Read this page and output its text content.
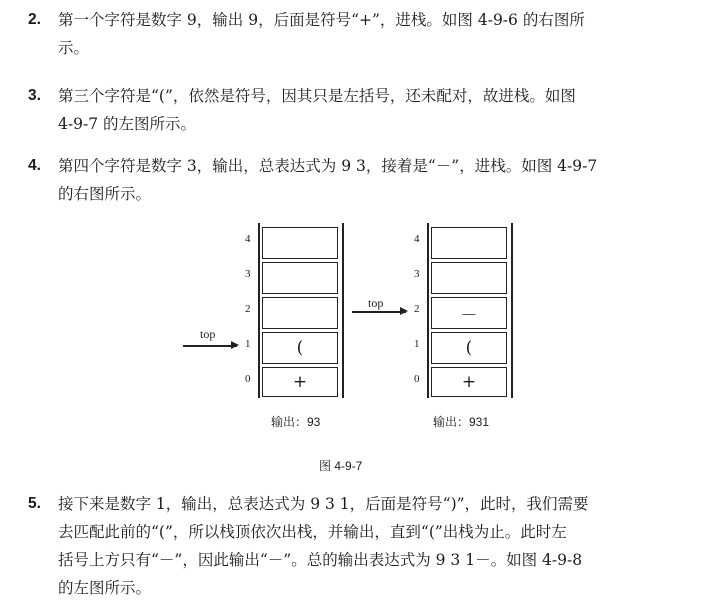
2. 第一个字符是数字 9，输出 9，后面是符号“+”，进栈。如图 4-9-6 的右图所
示。
3. 第三个字符是“(”，依然是符号，因其只是左括号，还未配对，故进栈。如图
4-9-7 的左图所示。
4. 第四个字符是数字 3，输出，总表达式为 9 3，接着是“－”，进栈。如图 4-9-7
的右图所示。
(
+
4
3
2
1
0
top
输出：93
－
(
+
4
3
2
1
0
top
输出：931
图 4-9-7
5. 接下来是数字 1，输出，总表达式为 9 3 1，后面是符号“)”，此时，我们需要
去匹配此前的“(”，所以栈顶依次出栈，并输出，直到“(”出栈为止。此时左
括号上方只有“－”，因此输出“－”。总的输出表达式为 9 3 1－。如图 4-9-8
的左图所示。
